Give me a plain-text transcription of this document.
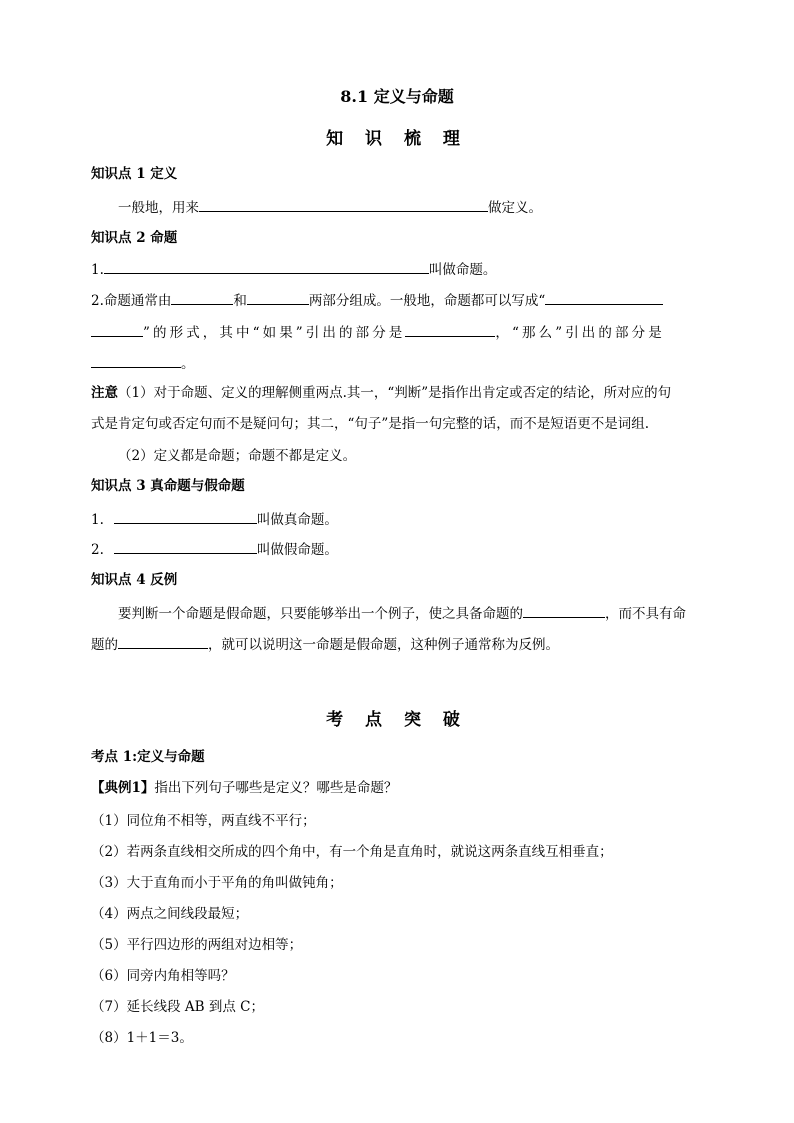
8.1 定义与命题
知 识 梳 理
知识点 1 定义
一般地，用来	做定义。
知识点 2 命题
1.	叫做命题。
2.命题通常由	和	两部分组成。一般地，命题都可以写成“
”的形式，其中“如果”引出的部分是	，“那么”引出的部分是
。
注意（1）对于命题、定义的理解侧重两点.其一，“判断”是指作出肯定或否定的结论，所对应的句
式是肯定句或否定句而不是疑问句；其二，“句子”是指一句完整的话，而不是短语更不是词组.
（2）定义都是命题；命题不都是定义。
知识点 3 真命题与假命题
1.	叫做真命题。
2.	叫做假命题。
知识点 4 反例
要判断一个命题是假命题，只要能够举出一个例子，使之具备命题的	，而不具有命
题的	，就可以说明这一命题是假命题，这种例子通常称为反例。
考 点 突 破
考点 1:定义与命题
【典例1】指出下列句子哪些是定义？哪些是命题？
（1）同位角不相等，两直线不平行；
（2）若两条直线相交所成的四个角中，有一个角是直角时，就说这两条直线互相垂直；
（3）大于直角而小于平角的角叫做钝角；
（4）两点之间线段最短；
（5）平行四边形的两组对边相等；
（6）同旁内角相等吗？
（7）延长线段 AB 到点 C；
（8）1＋1＝3。
